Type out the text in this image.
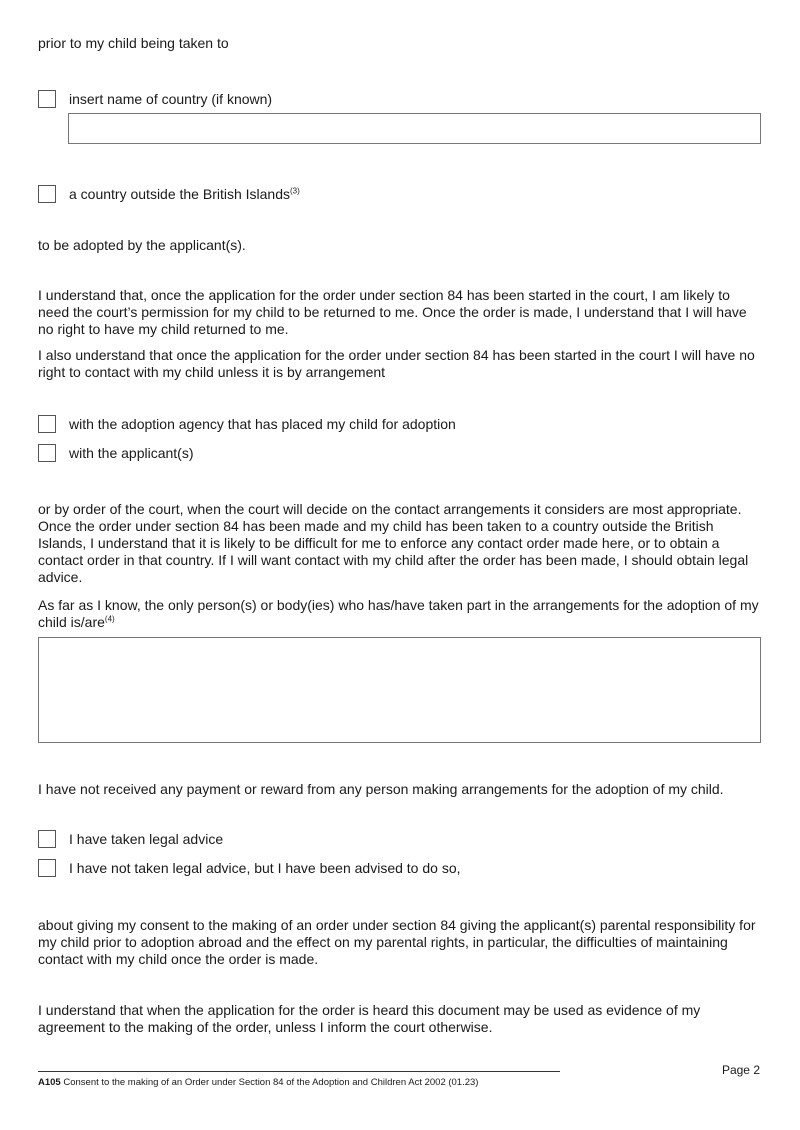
prior to my child being taken to
insert name of country (if known)
a country outside the British Islands$^{(3)}$
to be adopted by the applicant(s).
I understand that, once the application for the order under section 84 has been started in the court, I am likely to need the court’s permission for my child to be returned to me. Once the order is made, I understand that I will have no right to have my child returned to me.
I also understand that once the application for the order under section 84 has been started in the court I will have no right to contact with my child unless it is by arrangement
with the adoption agency that has placed my child for adoption
with the applicant(s)
or by order of the court, when the court will decide on the contact arrangements it considers are most appropriate. Once the order under section 84 has been made and my child has been taken to a country outside the British Islands, I understand that it is likely to be difficult for me to enforce any contact order made here, or to obtain a contact order in that country. If I will want contact with my child after the order has been made, I should obtain legal advice.
As far as I know, the only person(s) or body(ies) who has/have taken part in the arrangements for the adoption of my child is/are$^{(4)}$
I have not received any payment or reward from any person making arrangements for the adoption of my child.
I have taken legal advice
I have not taken legal advice, but I have been advised to do so,
about giving my consent to the making of an order under section 84 giving the applicant(s) parental responsibility for my child prior to adoption abroad and the effect on my parental rights, in particular, the difficulties of maintaining contact with my child once the order is made.
I understand that when the application for the order is heard this document may be used as evidence of my agreement to the making of the order, unless I inform the court otherwise.
Page 2
A105 Consent to the making of an Order under Section 84 of the Adoption and Children Act 2002 (01.23)
